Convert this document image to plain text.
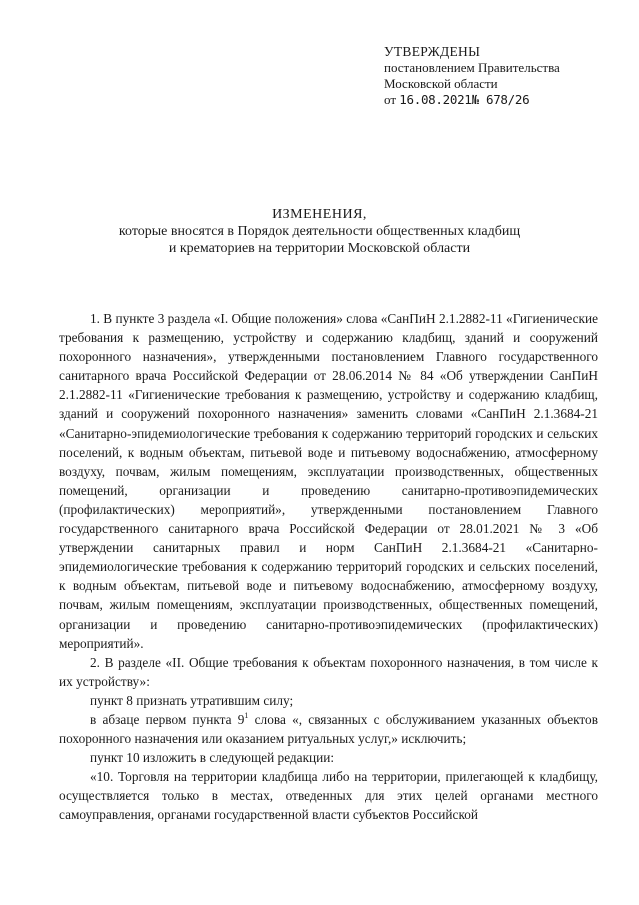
УТВЕРЖДЕНЫ
постановлением Правительства
Московской области
от 16.08.2021№ 678/26
ИЗМЕНЕНИЯ,
которые вносятся в Порядок деятельности общественных кладбищ
и крематориев на территории Московской области

1. В пункте 3 раздела «I. Общие положения» слова «СанПиН 2.1.2882-11 «Гигиенические требования к размещению, устройству и содержанию кладбищ, зданий и сооружений похоронного назначения», утвержденными постановлением Главного государственного санитарного врача Российской Федерации от 28.06.2014 № 84 «Об утверждении СанПиН 2.1.2882-11 «Гигиенические требования к размещению, устройству и содержанию кладбищ, зданий и сооружений похоронного назначения» заменить словами «СанПиН 2.1.3684-21 «Санитарно-эпидемиологические требования к содержанию территорий городских и сельских поселений, к водным объектам, питьевой воде и питьевому водоснабжению, атмосферному воздуху, почвам, жилым помещениям, эксплуатации производственных, общественных помещений, организации и проведению санитарно-противоэпидемических (профилактических) мероприятий», утвержденными постановлением Главного государственного санитарного врача Российской Федерации от 28.01.2021 № 3 «Об утверждении санитарных правил и норм СанПиН 2.1.3684-21 «Санитарно-эпидемиологические требования к содержанию территорий городских и сельских поселений, к водным объектам, питьевой воде и питьевому водоснабжению, атмосферному воздуху, почвам, жилым помещениям, эксплуатации производственных, общественных помещений, организации и проведению санитарно-противоэпидемических (профилактических) мероприятий».

2. В разделе «II. Общие требования к объектам похоронного назначения, в том числе к их устройству»:

пункт 8 признать утратившим силу;

в абзаце первом пункта $9^1$ слова «, связанных с обслуживанием указанных объектов похоронного назначения или оказанием ритуальных услуг,» исключить;

пункт 10 изложить в следующей редакции:

«10. Торговля на территории кладбища либо на территории, прилегающей к кладбищу, осуществляется только в местах, отведенных для этих целей органами местного самоуправления, органами государственной власти субъектов Российской
